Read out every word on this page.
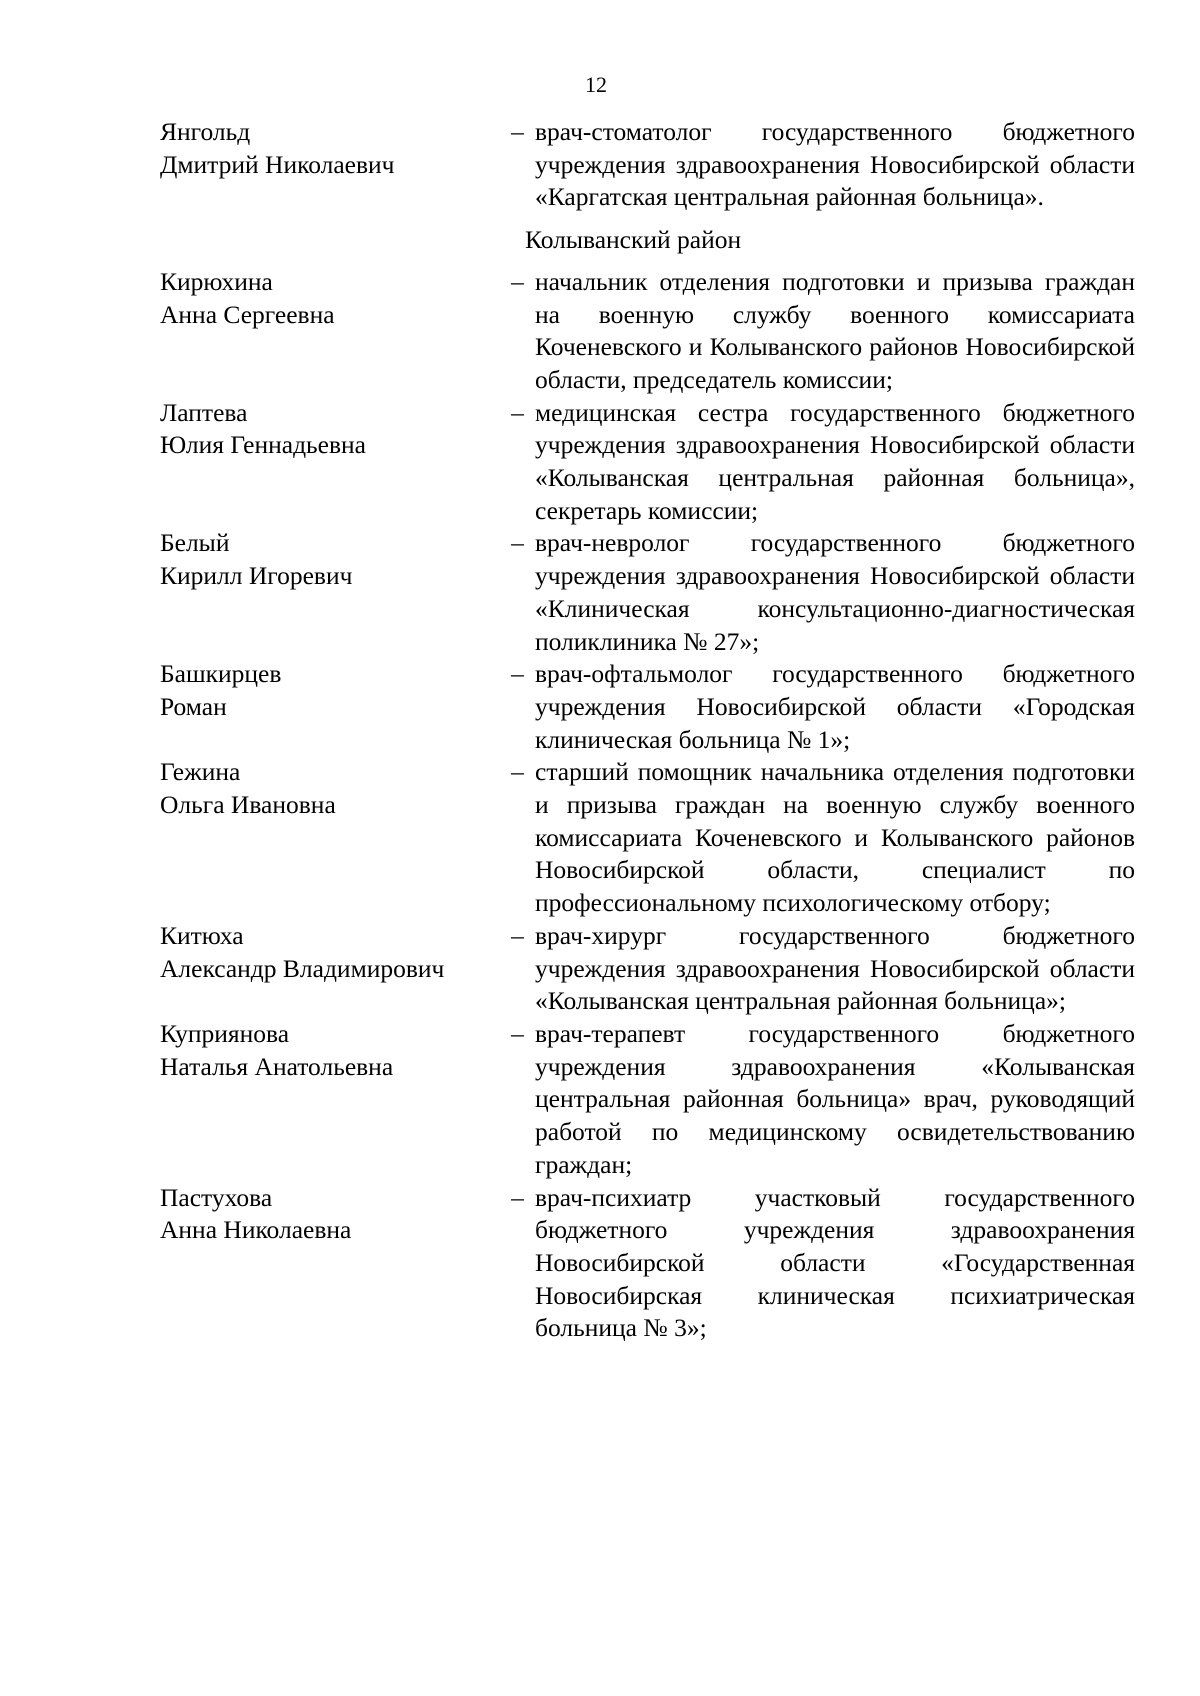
12
Янгольд
Дмитрий Николаевич
– врач-стоматолог государственного бюджетного учреждения здравоохранения Новосибирской области «Каргатская центральная районная больница».
Колыванский район
Кирюхина
Анна Сергеевна
– начальник отделения подготовки и призыва граждан на военную службу военного комиссариата Коченевского и Колыванского районов Новосибирской области, председатель комиссии;
Лаптева
Юлия Геннадьевна
– медицинская сестра государственного бюджетного учреждения здравоохранения Новосибирской области «Колыванская центральная районная больница», секретарь комиссии;
Белый
Кирилл Игоревич
– врач-невролог государственного бюджетного учреждения здравоохранения Новосибирской области «Клиническая консультационно-диагностическая поликлиника № 27»;
Башкирцев
Роман
– врач-офтальмолог государственного бюджетного учреждения Новосибирской области «Городская клиническая больница № 1»;
Гежина
Ольга Ивановна
– старший помощник начальника отделения подготовки и призыва граждан на военную службу военного комиссариата Коченевского и Колыванского районов Новосибирской области, специалист по профессиональному психологическому отбору;
Китюха
Александр Владимирович
– врач-хирург государственного бюджетного учреждения здравоохранения Новосибирской области «Колыванская центральная районная больница»;
Куприянова
Наталья Анатольевна
– врач-терапевт государственного бюджетного учреждения здравоохранения «Колыванская центральная районная больница» врач, руководящий работой по медицинскому освидетельствованию граждан;
Пастухова
Анна Николаевна
– врач-психиатр участковый государственного бюджетного учреждения здравоохранения Новосибирской области «Государственная Новосибирская клиническая психиатрическая больница № 3»;
